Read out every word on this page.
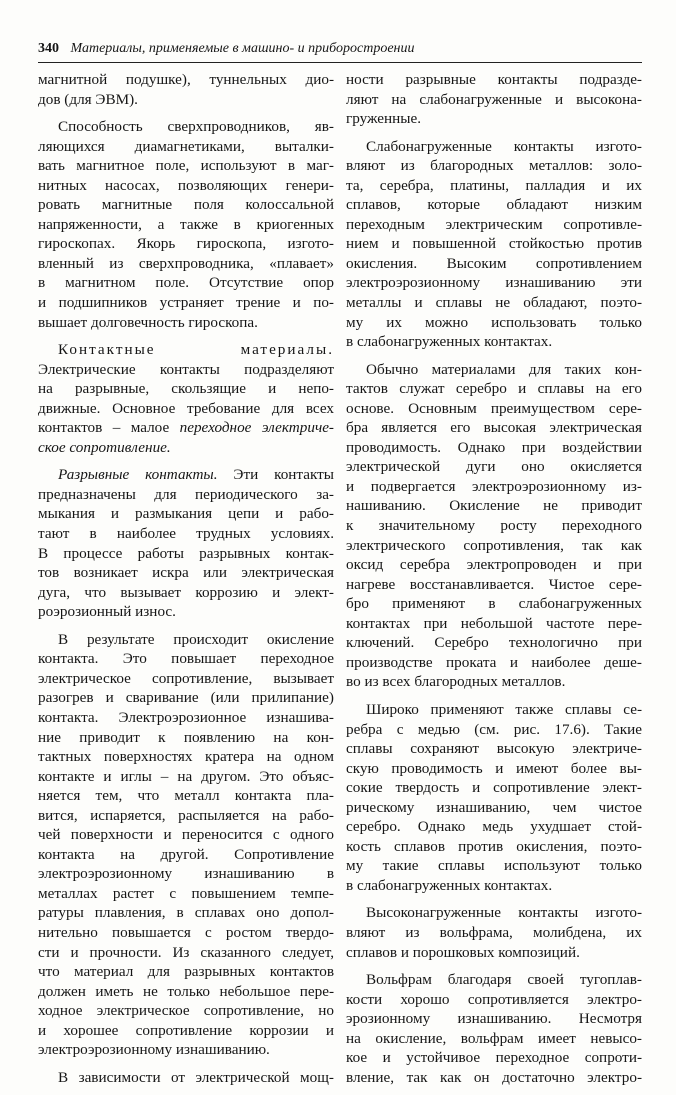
340 Материалы, применяемые в машино- и приборостроении
магнитной подушке), туннельных дио-
дов (для ЭВМ).
Способность сверхпроводников, яв-
ляющихся диамагнетиками, выталки-
вать магнитное поле, используют в маг-
нитных насосах, позволяющих генери-
ровать магнитные поля колоссальной
напряженности, а также в криогенных
гироскопах. Якорь гироскопа, изгото-
вленный из сверхпроводника, «плавает»
в магнитном поле. Отсутствие опор
и подшипников устраняет трение и по-
вышает долговечность гироскопа.
Контактные материалы.
Электрические контакты подразделяют
на разрывные, скользящие и непо-
движные. Основное требование для всех
контактов – малое переходное электриче-
ское сопротивление.
Разрывные контакты. Эти контакты
предназначены для периодического за-
мыкания и размыкания цепи и рабо-
тают в наиболее трудных условиях.
В процессе работы разрывных контак-
тов возникает искра или электрическая
дуга, что вызывает коррозию и элект-
роэрозионный износ.
В результате происходит окисление
контакта. Это повышает переходное
электрическое сопротивление, вызывает
разогрев и сваривание (или прилипание)
контакта. Электроэрозионное изнашива-
ние приводит к появлению на кон-
тактных поверхностях кратера на одном
контакте и иглы – на другом. Это объяс-
няется тем, что металл контакта пла-
вится, испаряется, распыляется на рабо-
чей поверхности и переносится с одного
контакта на другой. Сопротивление
электроэрозионному изнашиванию в
металлах растет с повышением темпе-
ратуры плавления, в сплавах оно допол-
нительно повышается с ростом твердо-
сти и прочности. Из сказанного следует,
что материал для разрывных контактов
должен иметь не только небольшое пере-
ходное электрическое сопротивление, но
и хорошее сопротивление коррозии и
электроэрозионному изнашиванию.
В зависимости от электрической мощ-
ности разрывные контакты подразде-
ляют на слабонагруженные и высокона-
груженные.
Слабонагруженные контакты изгото-
вляют из благородных металлов: золо-
та, серебра, платины, палладия и их
сплавов, которые обладают низким
переходным электрическим сопротивле-
нием и повышенной стойкостью против
окисления. Высоким сопротивлением
электроэрозионному изнашиванию эти
металлы и сплавы не обладают, поэто-
му их можно использовать только
в слабонагруженных контактах.
Обычно материалами для таких кон-
тактов служат серебро и сплавы на его
основе. Основным преимуществом сере-
бра является его высокая электрическая
проводимость. Однако при воздействии
электрической дуги оно окисляется
и подвергается электроэрозионному из-
нашиванию. Окисление не приводит
к значительному росту переходного
электрического сопротивления, так как
оксид серебра электропроводен и при
нагреве восстанавливается. Чистое сере-
бро применяют в слабонагруженных
контактах при небольшой частоте пере-
ключений. Серебро технологично при
производстве проката и наиболее деше-
во из всех благородных металлов.
Широко применяют также сплавы се-
ребра с медью (см. рис. 17.6). Такие
сплавы сохраняют высокую электриче-
скую проводимость и имеют более вы-
сокие твердость и сопротивление элект-
рическому изнашиванию, чем чистое
серебро. Однако медь ухудшает стой-
кость сплавов против окисления, поэто-
му такие сплавы используют только
в слабонагруженных контактах.
Высоконагруженные контакты изгото-
вляют из вольфрама, молибдена, их
сплавов и порошковых композиций.
Вольфрам благодаря своей тугоплав-
кости хорошо сопротивляется электро-
эрозионному изнашиванию. Несмотря
на окисление, вольфрам имеет невысо-
кое и устойчивое переходное сопроти-
вление, так как он достаточно электро-
